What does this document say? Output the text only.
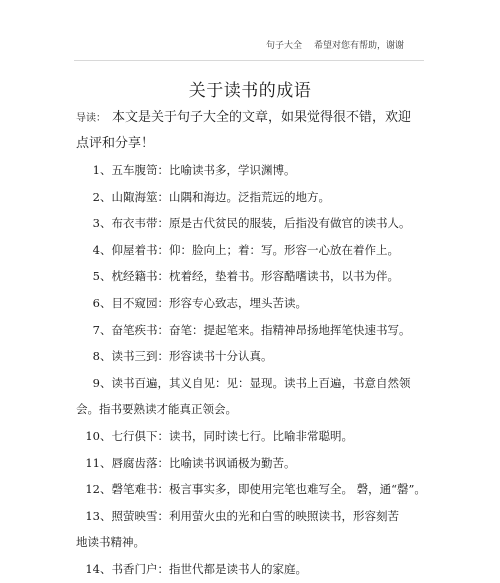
句子大全 希望对您有帮助，谢谢
关于读书的成语
导读： 本文是关于句子大全的文章，如果觉得很不错，欢迎点评和分享！
1、五车腹笥：比喻读书多，学识渊博。
2、山陬海筮：山隅和海边。泛指荒远的地方。
3、布衣韦带：原是古代贫民的服装，后指没有做官的读书人。
4、仰屋着书：仰：脸向上；着：写。形容一心放在着作上。
5、枕经籍书：枕着经，垫着书。形容酷嗜读书，以书为伴。
6、目不窥园：形容专心致志，埋头苦读。
7、奋笔疾书：奋笔：提起笔来。指精神昂扬地挥笔快速书写。
8、读书三到：形容读书十分认真。
9、读书百遍，其义自见：见：显现。读书上百遍，书意自然领
会。指书要熟读才能真正领会。
10、七行俱下：读书，同时读七行。比喻非常聪明。
11、唇腐齿落：比喻读书讽诵极为勤苦。
12、磬笔难书：极言事实多，即使用完笔也难写全。 磬，通“罄”。
13、照萤映雪：利用萤火虫的光和白雪的映照读书，形容刻苦
地读书精神。
14、书香门户：指世代都是读书人的家庭。
